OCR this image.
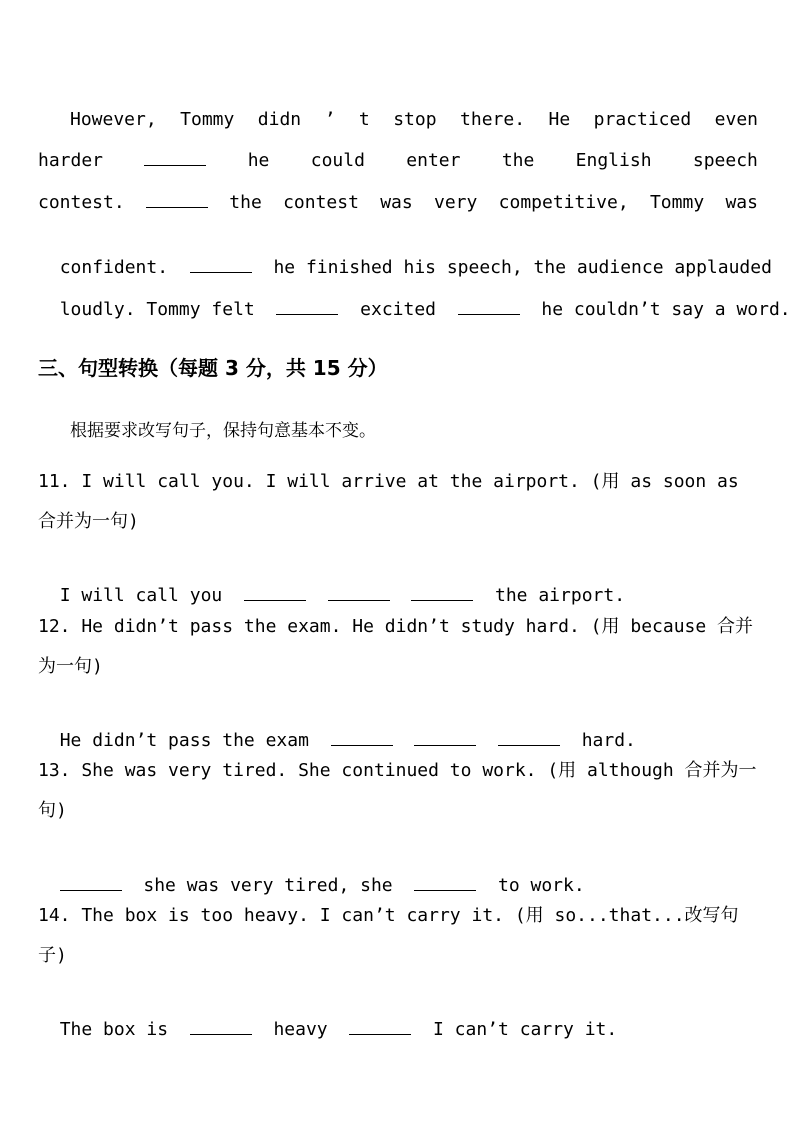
However, Tommy didn ’ t stop there. He practiced even
harder	he could enter the English speech
contest.	the contest was very competitive, Tommy was

confident.	he finished his speech, the audience applauded

loudly. Tommy felt	excited	he couldn’t say a word.

三、句型转换（每题 3 分，共 15 分）
根据要求改写句子，保持句意基本不变。
11. I will call you. I will arrive at the airport. (用 as soon as 合并为一句)

I will call you	the airport.

12. He didn’t pass the exam. He didn’t study hard. (用 because 合并为一句)

He didn’t pass the exam	hard.

13. She was very tired. She continued to work. (用 although 合并为一句)

she was very tired, she	to work.

14. The box is too heavy. I can’t carry it. (用 so...that...改写句子)

The box is	heavy	I can’t carry it.
